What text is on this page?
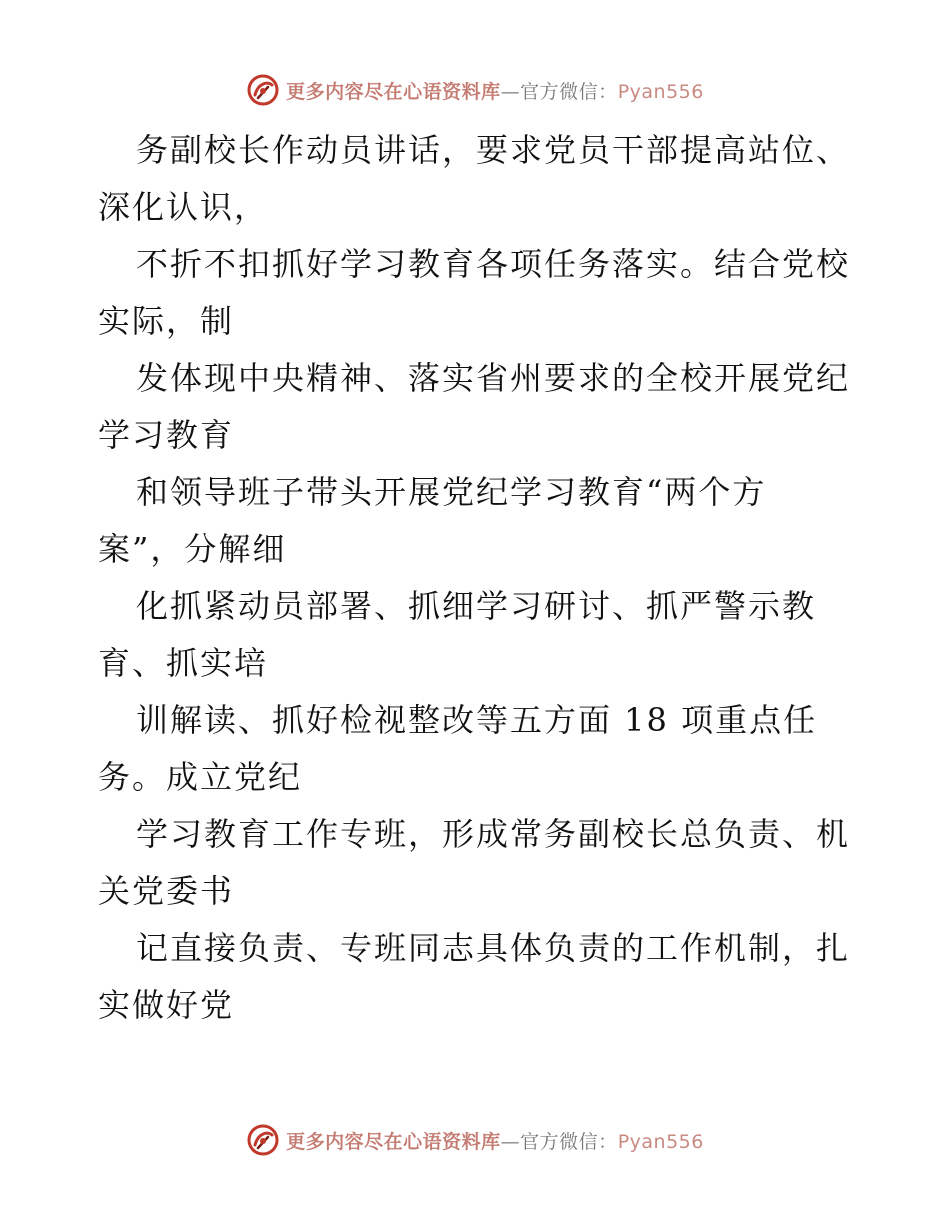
更多内容尽在心语资料库—官方微信：Pyan556
务副校长作动员讲话，要求党员干部提高站位、
深化认识，
不折不扣抓好学习教育各项任务落实。结合党校
实际，制
发体现中央精神、落实省州要求的全校开展党纪
学习教育
和领导班子带头开展党纪学习教育“两个方
案”，分解细
化抓紧动员部署、抓细学习研讨、抓严警示教
育、抓实培
训解读、抓好检视整改等五方面 18 项重点任
务。成立党纪
学习教育工作专班，形成常务副校长总负责、机
关党委书
记直接负责、专班同志具体负责的工作机制，扎
实做好党
更多内容尽在心语资料库—官方微信：Pyan556
